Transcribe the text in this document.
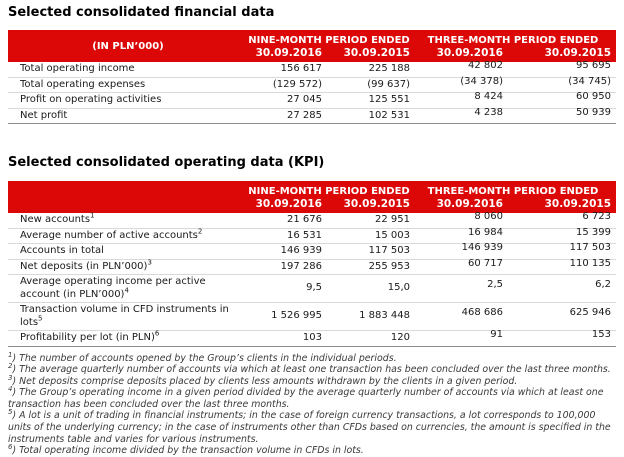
Selected consolidated financial data
(IN PLN’000)	NINE-MONTH PERIOD ENDED		THREE-MONTH PERIOD ENDED	
	30.09.2016	30.09.2015	30.09.2016	30.09.2015
Total operating income	156 617	225 188	42 802	95 695
Total operating expenses	(129 572)	(99 637)	(34 378)	(34 745)
Profit on operating activities	27 045	125 551	8 424	60 950
Net profit	27 285	102 531	4 238	50 939
Selected consolidated operating data (KPI)
	NINE-MONTH PERIOD ENDED		THREE-MONTH PERIOD ENDED	
	30.09.2016	30.09.2015	30.09.2016	30.09.2015
New accounts$^1$	21 676	22 951	8 060	6 723
Average number of active accounts$^2$	16 531	15 003	16 984	15 399
Accounts in total	146 939	117 503	146 939	117 503
Net deposits (in PLN’000)$^3$	197 286	255 953	60 717	110 135
Average operating income per active account (in PLN’000)$^4$	9,5	15,0	2,5	6,2
Transaction volume in CFD instruments in lots$^5$	1 526 995	1 883 448	468 686	625 946
Profitability per lot (in PLN)$^6$	103	120	91	153
$^1$) The number of accounts opened by the Group’s clients in the individual periods.
$^2$) The average quarterly number of accounts via which at least one transaction has been concluded over the last three months.
$^3$) Net deposits comprise deposits placed by clients less amounts withdrawn by the clients in a given period.
$^4$) The Group’s operating income in a given period divided by the average quarterly number of accounts via which at least one transaction has been concluded over the last three months.
$^5$) A lot is a unit of trading in financial instruments; in the case of foreign currency transactions, a lot corresponds to 100,000 units of the underlying currency; in the case of instruments other than CFDs based on currencies, the amount is specified in the instruments table and varies for various instruments.
$^6$) Total operating income divided by the transaction volume in CFDs in lots.
